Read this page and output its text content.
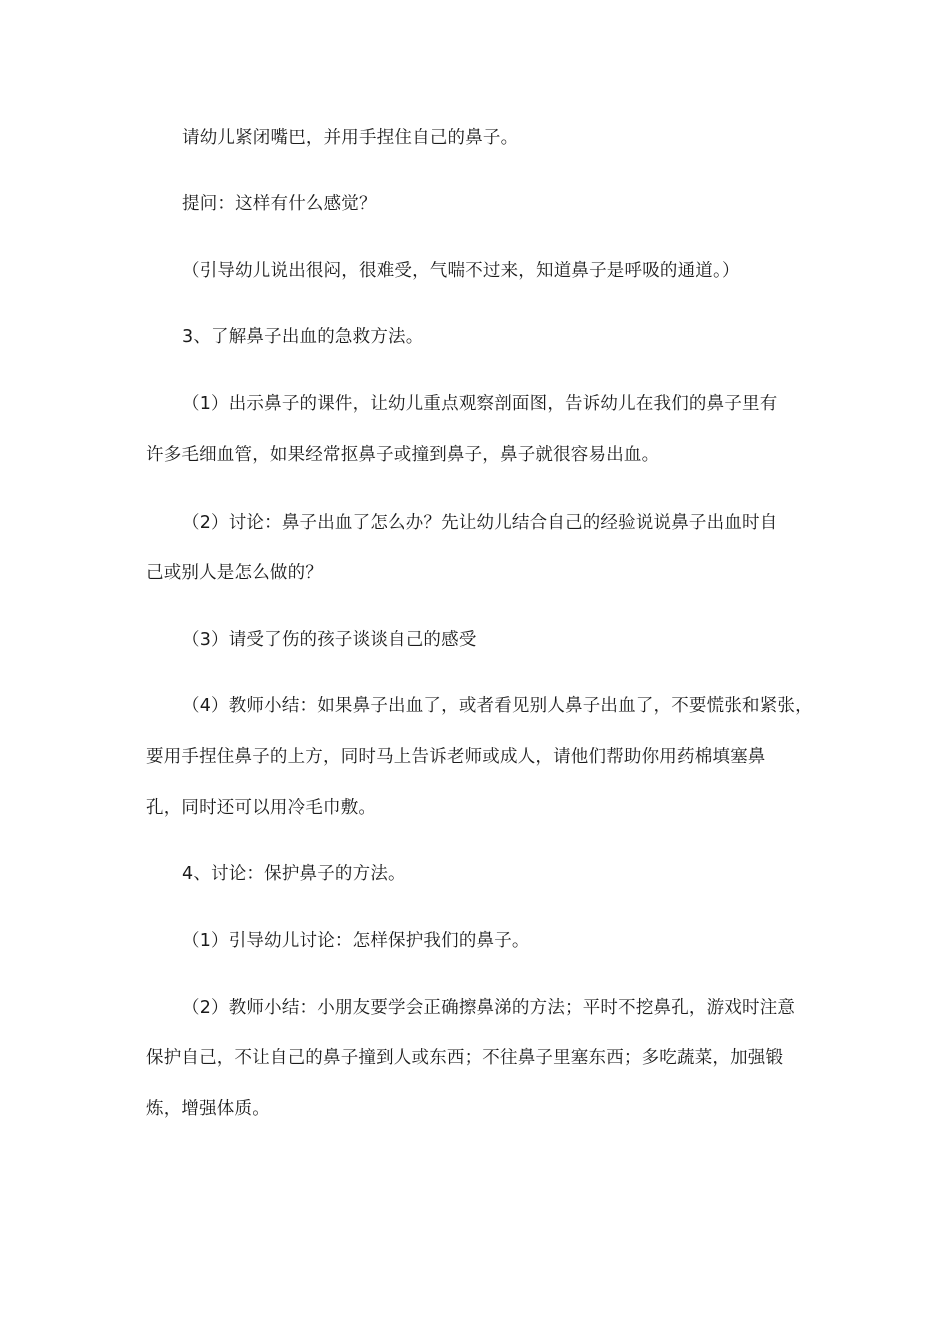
请幼儿紧闭嘴巴，并用手捏住自己的鼻子。
提问：这样有什么感觉？
（引导幼儿说出很闷，很难受，气喘不过来，知道鼻子是呼吸的通道。）
3、了解鼻子出血的急救方法。
（1）出示鼻子的课件，让幼儿重点观察剖面图，告诉幼儿在我们的鼻子里有
许多毛细血管，如果经常抠鼻子或撞到鼻子，鼻子就很容易出血。
（2）讨论：鼻子出血了怎么办？先让幼儿结合自己的经验说说鼻子出血时自
己或别人是怎么做的？
（3）请受了伤的孩子谈谈自己的感受
（4）教师小结：如果鼻子出血了，或者看见别人鼻子出血了，不要慌张和紧张，
要用手捏住鼻子的上方，同时马上告诉老师或成人，请他们帮助你用药棉填塞鼻
孔，同时还可以用冷毛巾敷。
4、讨论：保护鼻子的方法。
（1）引导幼儿讨论：怎样保护我们的鼻子。
（2）教师小结：小朋友要学会正确擦鼻涕的方法；平时不挖鼻孔，游戏时注意
保护自己，不让自己的鼻子撞到人或东西；不往鼻子里塞东西；多吃蔬菜，加强锻
炼，增强体质。
